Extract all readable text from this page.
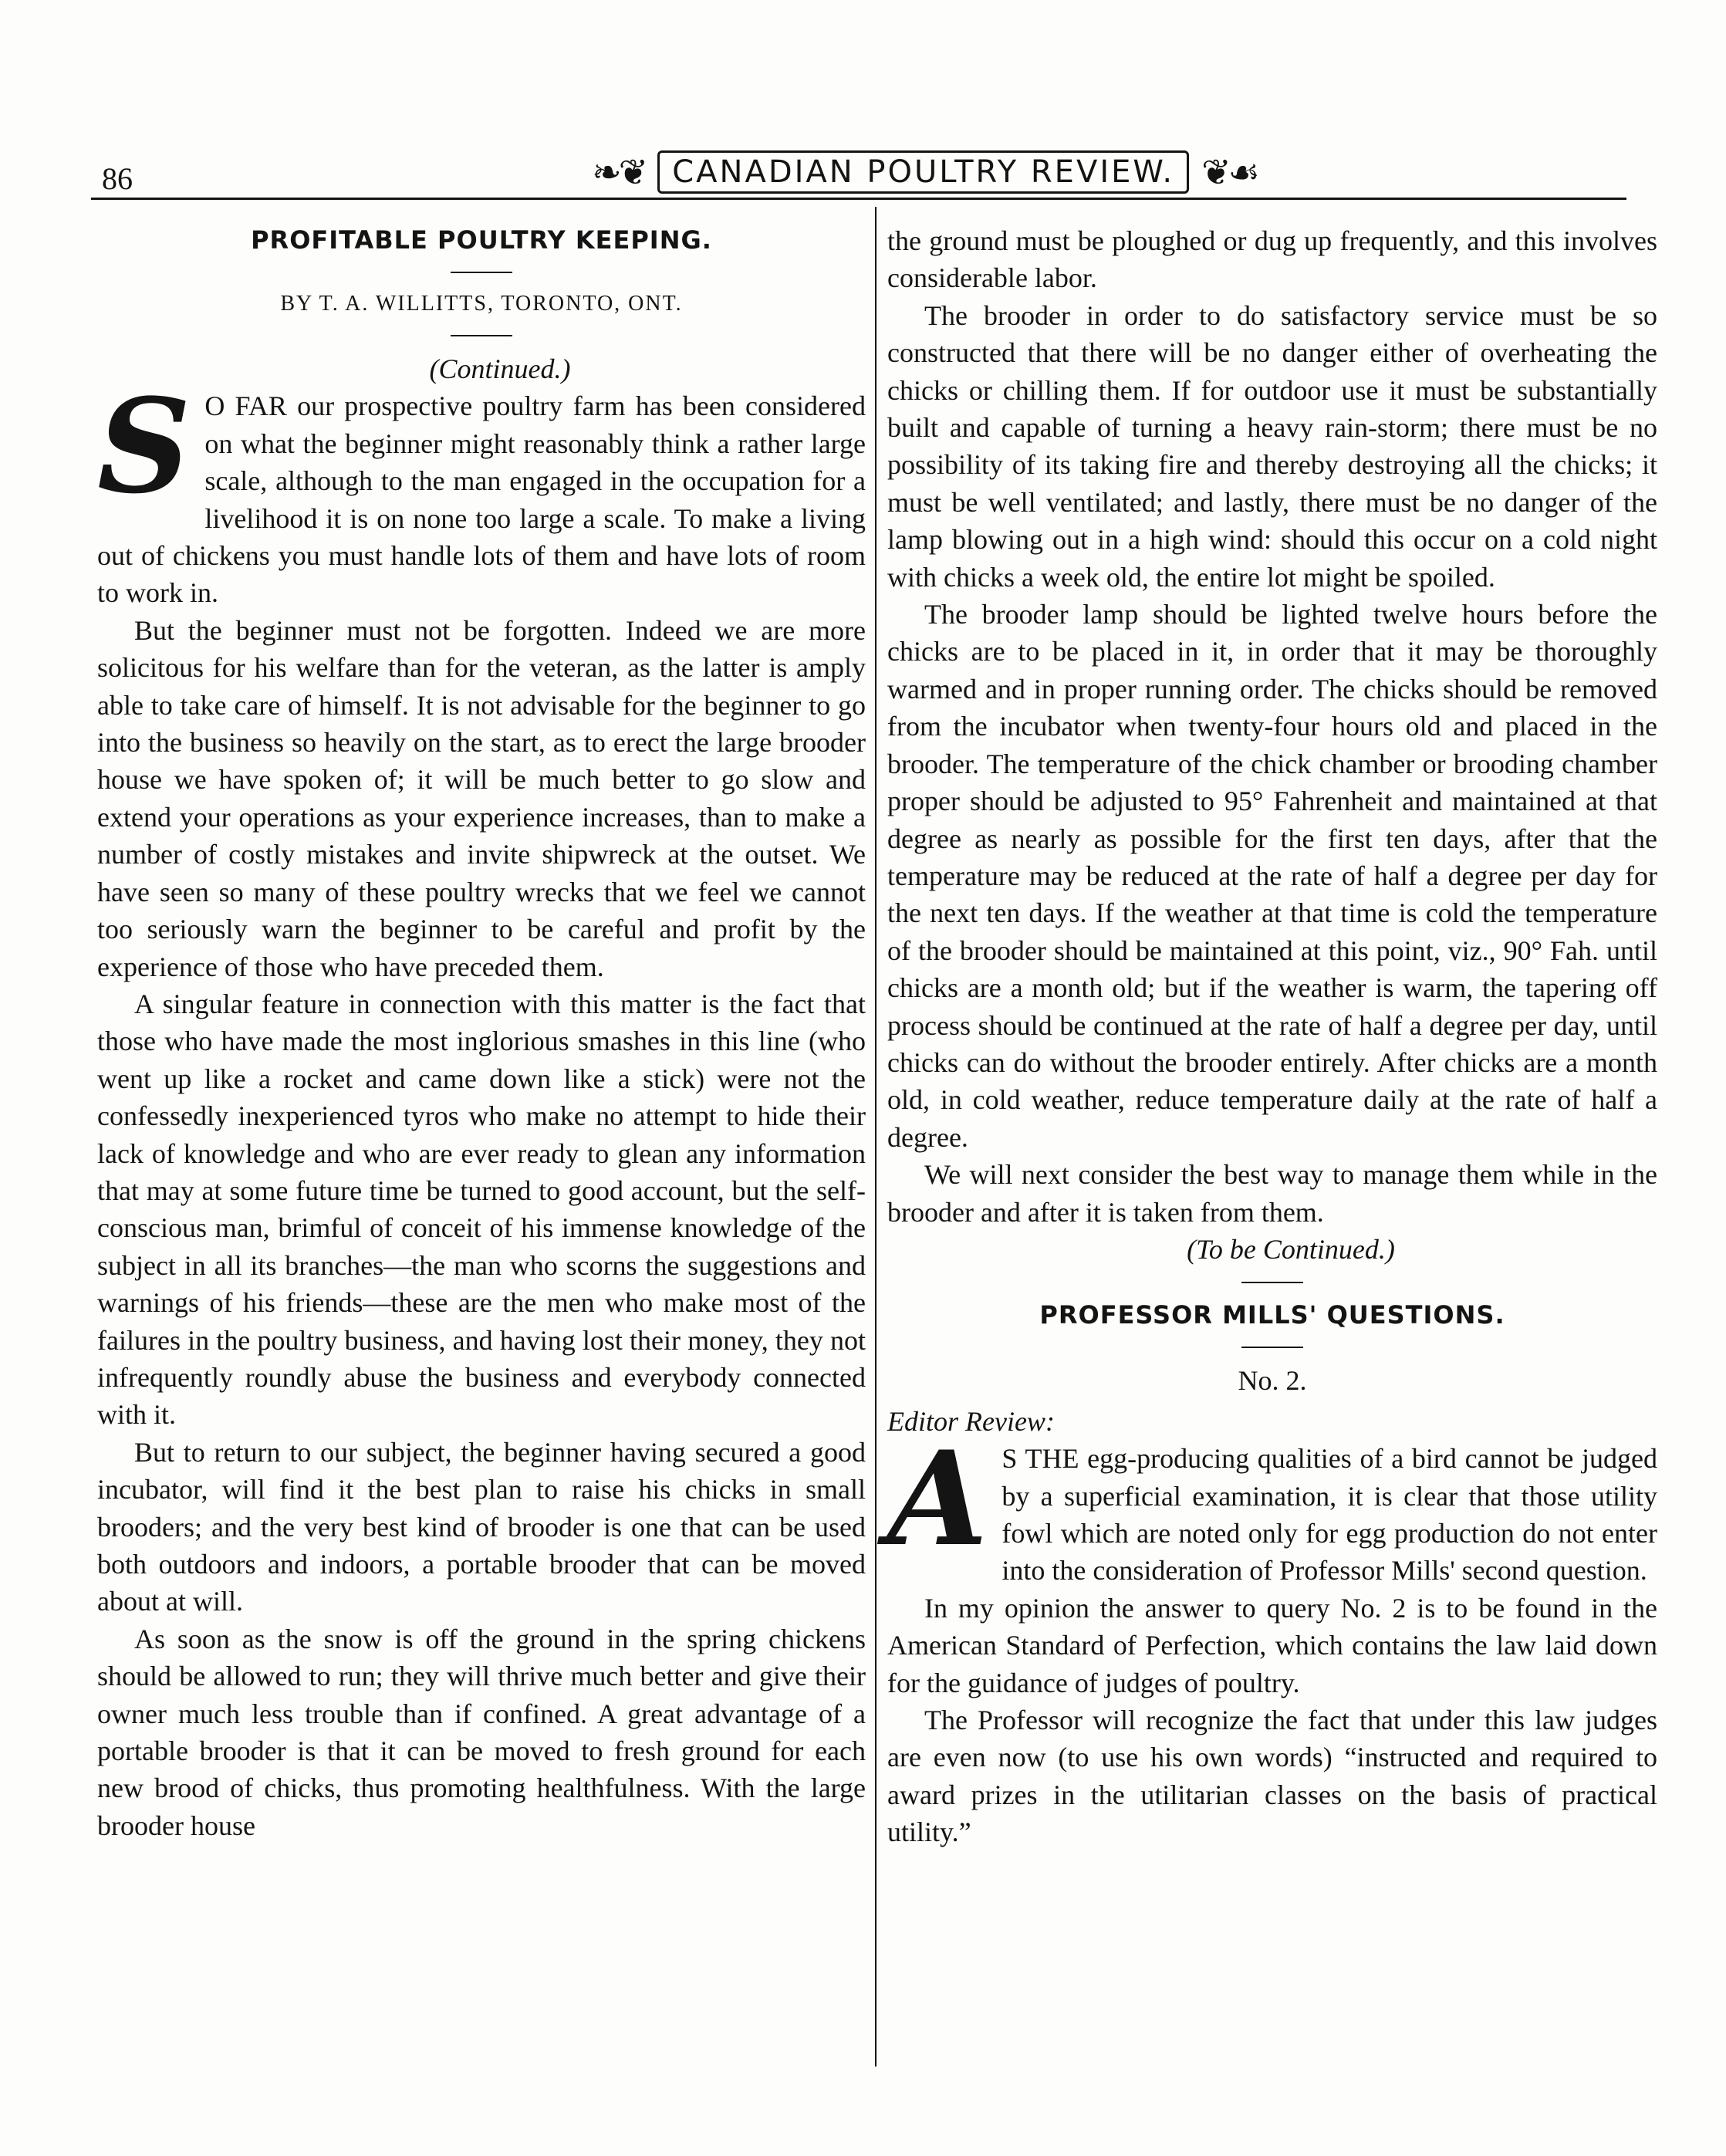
86	❧❦ CANADIAN POULTRY REVIEW. ❦☙
PROFITABLE POULTRY KEEPING.
BY T. A. WILLITTS, TORONTO, ONT.

(Continued.)

S O FAR our prospective poultry farm has been considered on what the beginner might reasonably think a rather large scale, although to the man engaged in the occupation for a livelihood it is on none too large a scale. To make a living out of chickens you must handle lots of them and have lots of room to work in.

But the beginner must not be forgotten. Indeed we are more solicitous for his welfare than for the veteran, as the latter is amply able to take care of himself. It is not advisable for the beginner to go into the business so heavily on the start, as to erect the large brooder house we have spoken of; it will be much better to go slow and extend your operations as your experience increases, than to make a number of costly mistakes and invite shipwreck at the outset. We have seen so many of these poultry wrecks that we feel we cannot too seriously warn the beginner to be careful and profit by the experience of those who have preceded them.

A singular feature in connection with this matter is the fact that those who have made the most inglorious smashes in this line (who went up like a rocket and came down like a stick) were not the confessedly inexperienced tyros who make no attempt to hide their lack of knowledge and who are ever ready to glean any information that may at some future time be turned to good account, but the self-conscious man, brimful of conceit of his immense knowledge of the subject in all its branches—the man who scorns the suggestions and warnings of his friends—these are the men who make most of the failures in the poultry business, and having lost their money, they not infrequently roundly abuse the business and everybody connected with it.

But to return to our subject, the beginner having secured a good incubator, will find it the best plan to raise his chicks in small brooders; and the very best kind of brooder is one that can be used both outdoors and indoors, a portable brooder that can be moved about at will.

As soon as the snow is off the ground in the spring chickens should be allowed to run; they will thrive much better and give their owner much less trouble than if confined. A great advantage of a portable brooder is that it can be moved to fresh ground for each new brood of chicks, thus promoting healthfulness. With the large brooder house

the ground must be ploughed or dug up frequently, and this involves considerable labor.

The brooder in order to do satisfactory service must be so constructed that there will be no danger either of overheating the chicks or chilling them. If for outdoor use it must be substantially built and capable of turning a heavy rain-storm; there must be no possibility of its taking fire and thereby destroying all the chicks; it must be well ventilated; and lastly, there must be no danger of the lamp blowing out in a high wind: should this occur on a cold night with chicks a week old, the entire lot might be spoiled.

The brooder lamp should be lighted twelve hours before the chicks are to be placed in it, in order that it may be thoroughly warmed and in proper running order. The chicks should be removed from the incubator when twenty-four hours old and placed in the brooder. The temperature of the chick chamber or brooding chamber proper should be adjusted to 95° Fahrenheit and maintained at that degree as nearly as possible for the first ten days, after that the temperature may be reduced at the rate of half a degree per day for the next ten days. If the weather at that time is cold the temperature of the brooder should be maintained at this point, viz., 90° Fah. until chicks are a month old; but if the weather is warm, the tapering off process should be continued at the rate of half a degree per day, until chicks can do without the brooder entirely. After chicks are a month old, in cold weather, reduce temperature daily at the rate of half a degree.

We will next consider the best way to manage them while in the brooder and after it is taken from them.

(To be Continued.)

PROFESSOR MILLS' QUESTIONS.

No. 2.

Editor Review:

A S THE egg-producing qualities of a bird cannot be judged by a superficial examination, it is clear that those utility fowl which are noted only for egg production do not enter into the consideration of Professor Mills' second question.

In my opinion the answer to query No. 2 is to be found in the American Standard of Perfection, which contains the law laid down for the guidance of judges of poultry.

The Professor will recognize the fact that under this law judges are even now (to use his own words) “instructed and required to award prizes in the utilitarian classes on the basis of practical utility.”
